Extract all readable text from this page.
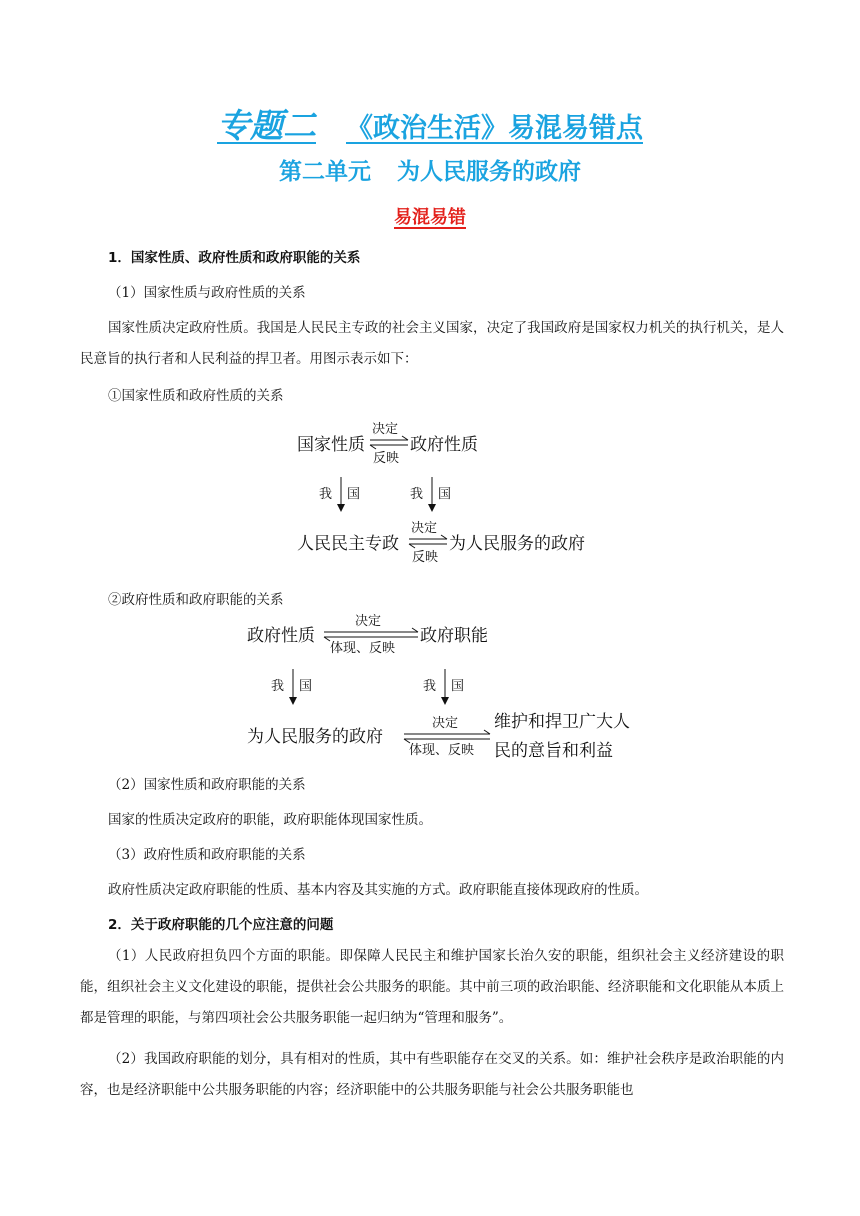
专题二 《政治生活》易混易错点
第二单元 为人民服务的政府
易混易错
1．国家性质、政府性质和政府职能的关系
（1）国家性质与政府性质的关系
国家性质决定政府性质。我国是人民民主专政的社会主义国家，决定了我国政府是国家权力机关的执行机关，是人民意旨的执行者和人民利益的捍卫者。用图示表示如下：
①国家性质和政府性质的关系
国家性质
决定
反映
政府性质
我 国	我 国
人民民主专政
决定
反映
为人民服务的政府
政府性质
决定
体现、反映
政府职能
我 国	我 国
为人民服务的政府
决定
体现、反映
维护和捍卫广大人
民的意旨和利益
②政府性质和政府职能的关系
（2）国家性质和政府职能的关系
国家的性质决定政府的职能，政府职能体现国家性质。
（3）政府性质和政府职能的关系
政府性质决定政府职能的性质、基本内容及其实施的方式。政府职能直接体现政府的性质。
2．关于政府职能的几个应注意的问题
（1）人民政府担负四个方面的职能。即保障人民民主和维护国家长治久安的职能，组织社会主义经济建设的职能，组织社会主义文化建设的职能，提供社会公共服务的职能。其中前三项的政治职能、经济职能和文化职能从本质上都是管理的职能，与第四项社会公共服务职能一起归纳为“管理和服务”。
（2）我国政府职能的划分，具有相对的性质，其中有些职能存在交叉的关系。如：维护社会秩序是政治职能的内容，也是经济职能中公共服务职能的内容；经济职能中的公共服务职能与社会公共服务职能也
